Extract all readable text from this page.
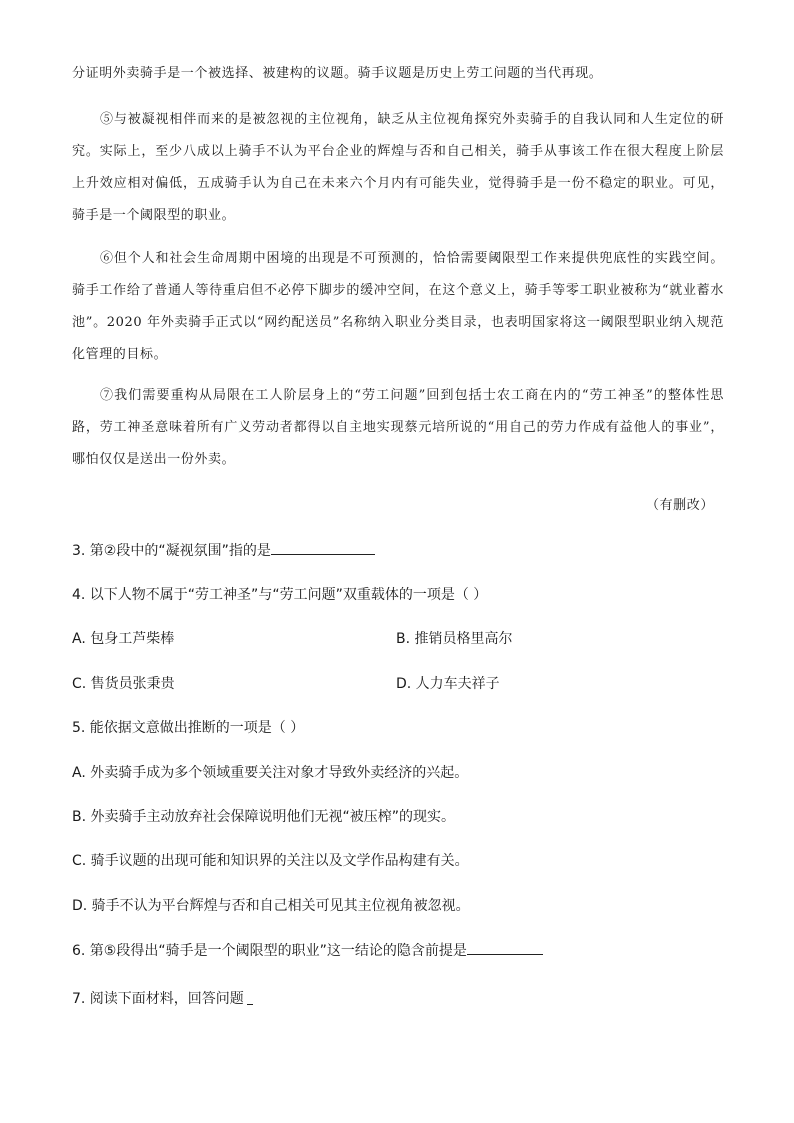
分证明外卖骑手是一个被选择、被建构的议题。骑手议题是历史上劳工问题的当代再现。

⑤与被凝视相伴而来的是被忽视的主位视角，缺乏从主位视角探究外卖骑手的自我认同和人生定位的研究。实际上，至少八成以上骑手不认为平台企业的辉煌与否和自己相关，骑手从事该工作在很大程度上阶层上升效应相对偏低，五成骑手认为自己在未来六个月内有可能失业，觉得骑手是一份不稳定的职业。可见，骑手是一个阈限型的职业。

⑥但个人和社会生命周期中困境的出现是不可预测的，恰恰需要阈限型工作来提供兜底性的实践空间。骑手工作给了普通人等待重启但不必停下脚步的缓冲空间，在这个意义上，骑手等零工职业被称为“就业蓄水池”。2020 年外卖骑手正式以“网约配送员”名称纳入职业分类目录，也表明国家将这一阈限型职业纳入规范化管理的目标。

⑦我们需要重构从局限在工人阶层身上的“劳工问题”回到包括士农工商在内的“劳工神圣”的整体性思路，劳工神圣意味着所有广义劳动者都得以自主地实现蔡元培所说的“用自己的劳力作成有益他人的事业”，哪怕仅仅是送出一份外卖。

（有删改）
3. 第②段中的“凝视氛围”指的是
4. 以下人物不属于“劳工神圣”与“劳工问题”双重载体的一项是（ ）
A. 包身工芦柴棒	B. 推销员格里高尔
C. 售货员张秉贵	D. 人力车夫祥子
5. 能依据文意做出推断的一项是（ ）
A. 外卖骑手成为多个领域重要关注对象才导致外卖经济的兴起。
B. 外卖骑手主动放弃社会保障说明他们无视“被压榨”的现实。
C. 骑手议题的出现可能和知识界的关注以及文学作品构建有关。
D. 骑手不认为平台辉煌与否和自己相关可见其主位视角被忽视。
6. 第⑤段得出“骑手是一个阈限型的职业”这一结论的隐含前提是
7. 阅读下面材料，回答问题
